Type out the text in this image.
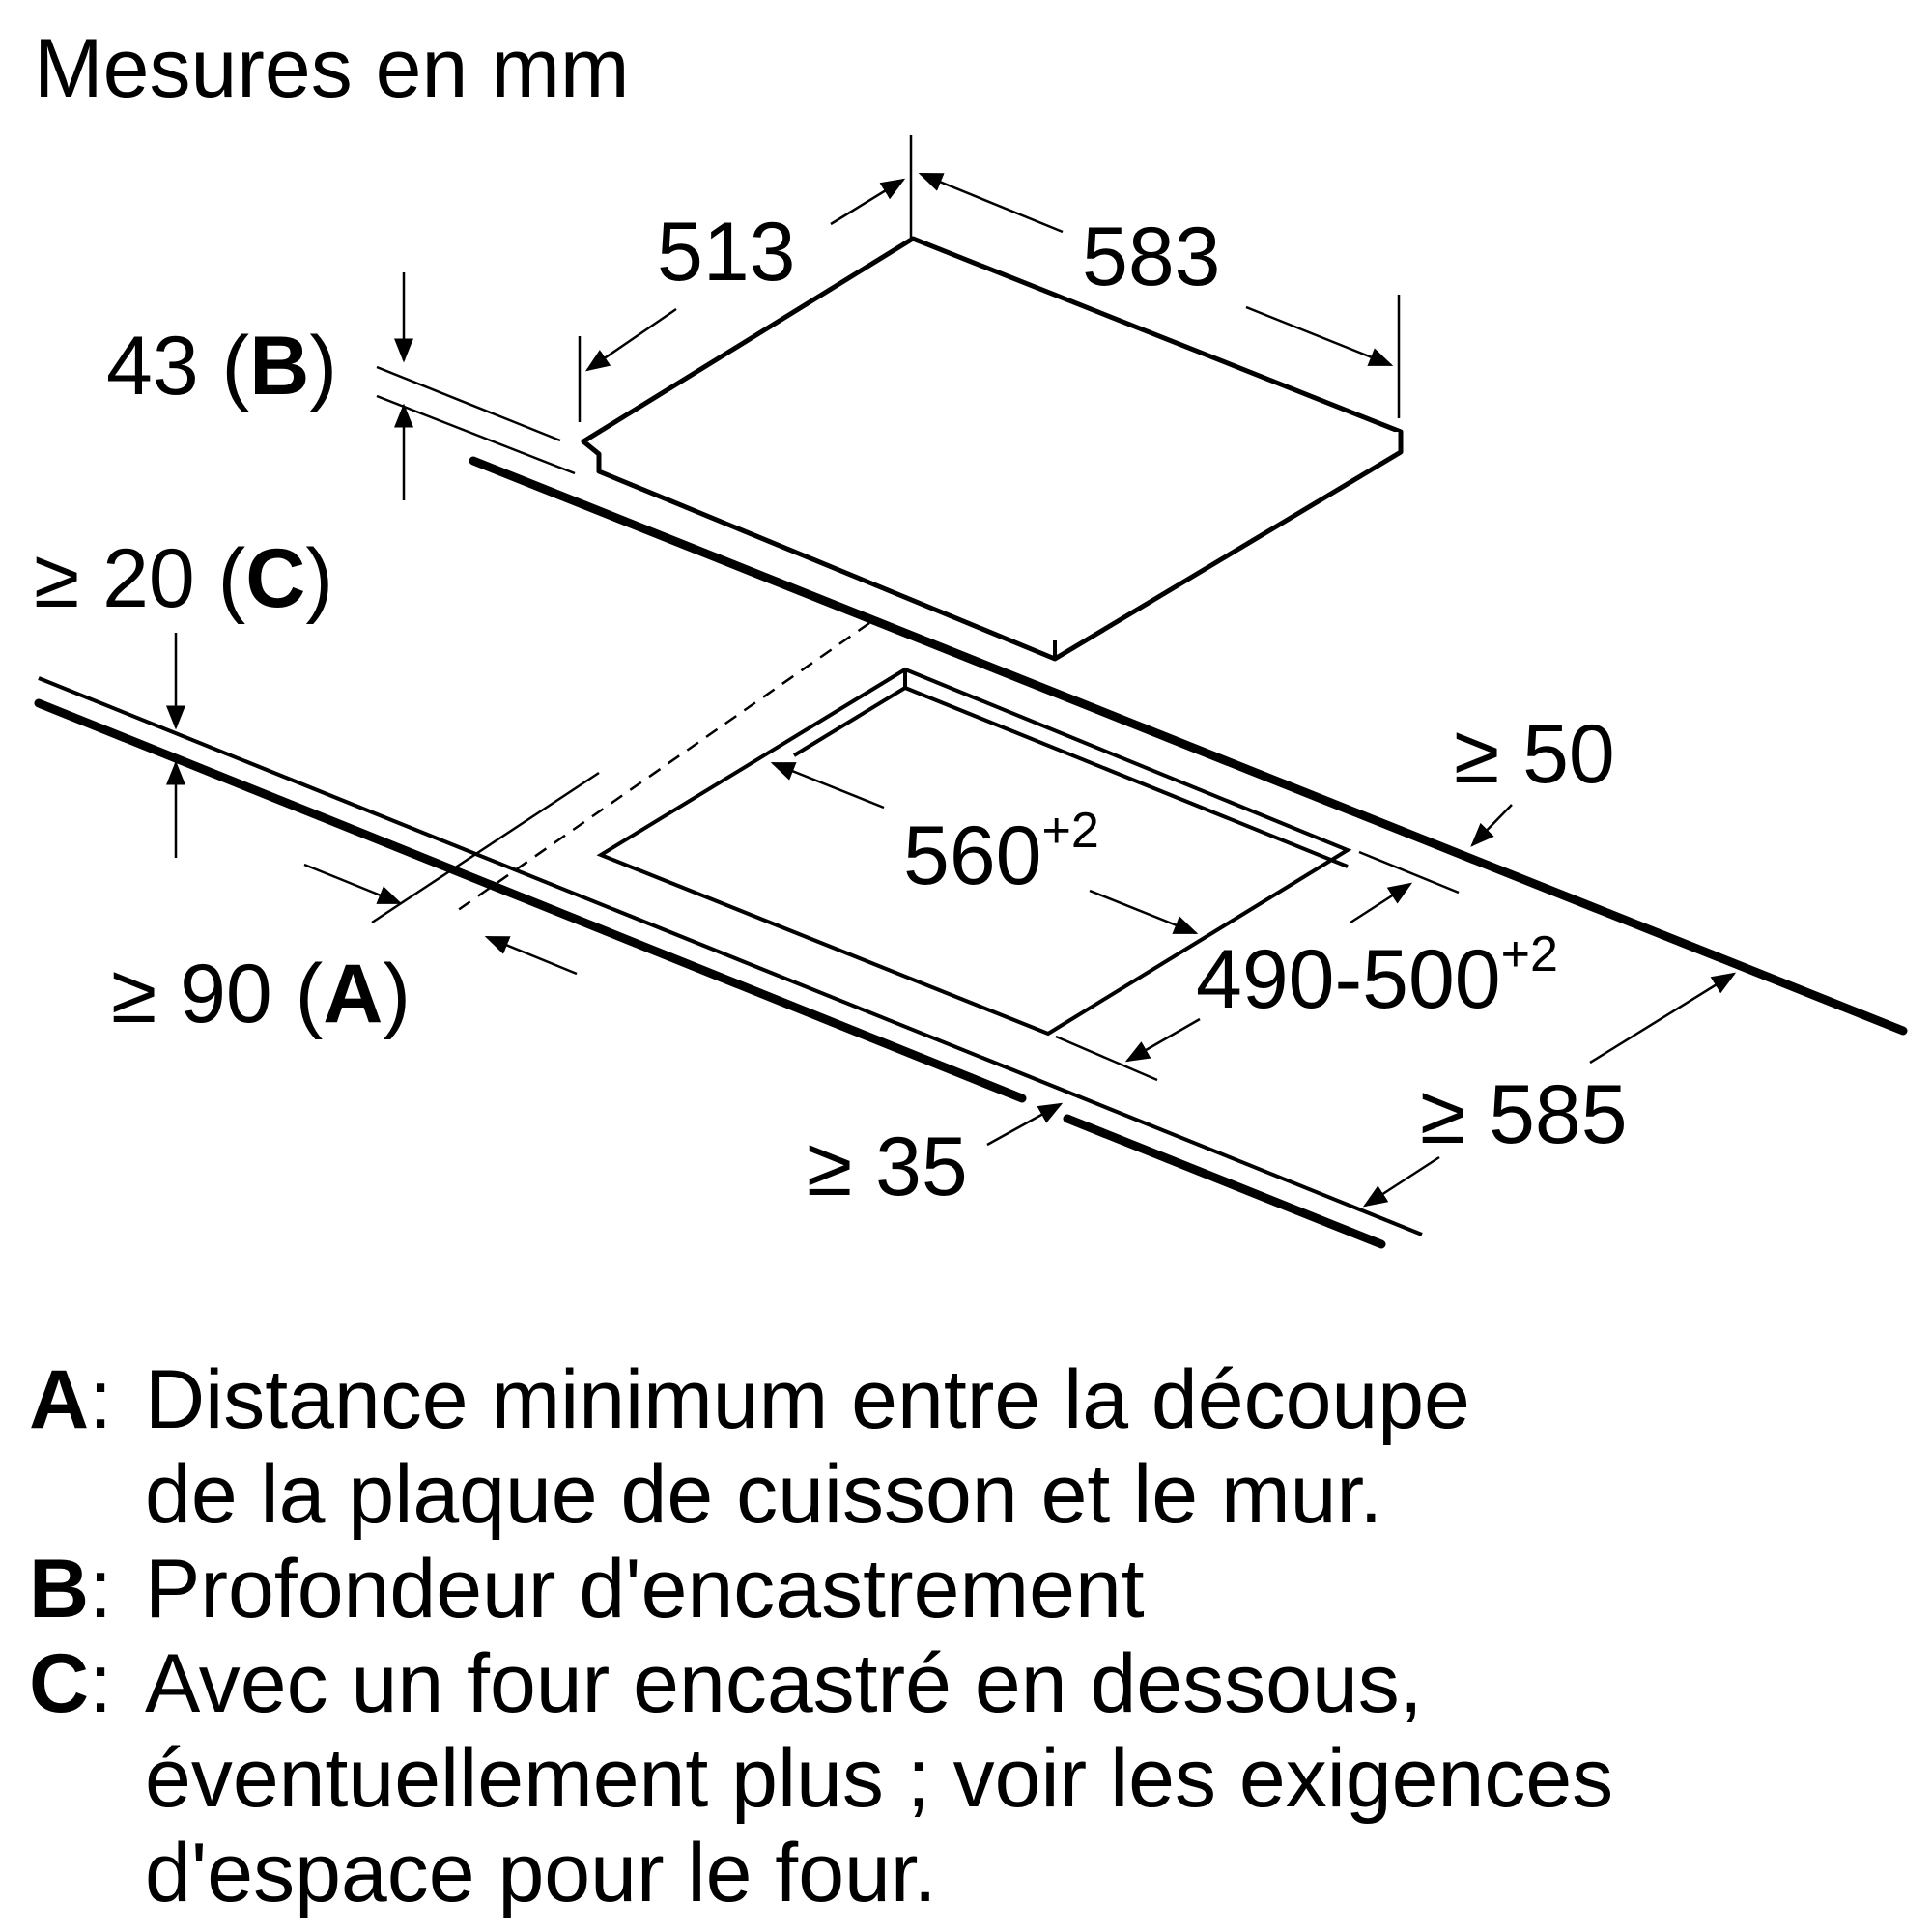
Mesures en mm
513	583
43 (B)
≥ 20 (C)
≥ 90 (A)
$560^{+2}$
$490-500^{+2}$
≥ 50
≥ 35
≥ 585
A: Distance minimum entre la découpe
de la plaque de cuisson et le mur.
B: Profondeur d'encastrement
C: Avec un four encastré en dessous,
éventuellement plus ; voir les exigences
d'espace pour le four.
